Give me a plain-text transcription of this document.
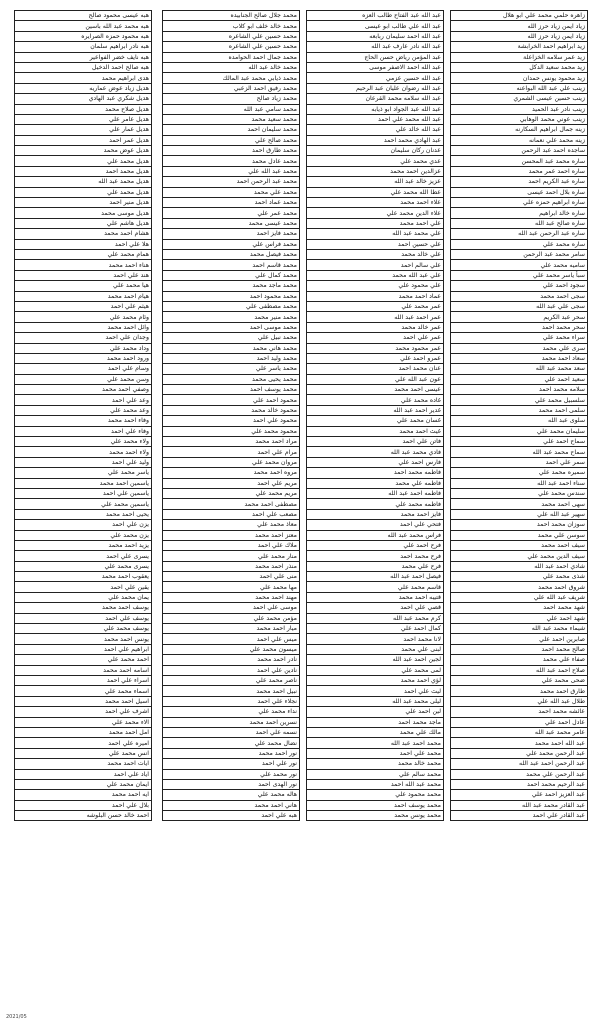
زاهره حلمي محمد علي ابو هلال
زياد ايمن زياد حرز الله
زياد ايمن زياد حرز الله
زيد ابراهيم احمد الخرابشة
زيد عمر سلامه الخزاعلة
زيد محمد سعيد الدكل
زيد محمود يونس حمدان
زينب علي عبد الله البواعنه
زينب حسين عيسى الشمري
زينب نادر عبد الحميد
زينب عوني محمد الوهابي
زينه جمال ابراهيم السكارنه
زينه محمد علي نعمانه
ساجده احمد عبد الرحمن
ساره محمد عبد المحسن
ساره احمد عمر محمد
ساره عبد الكريم احمد
ساره بلال احمد عيسى
ساره ابراهيم حمزه علي
ساره خالد ابراهيم
ساره صالح عبد الله
ساره عبد الرحمن عبد الله
ساره محمد علي
سامر محمد عبد الرحمن
ساميه محمد علي
سبأ ياسر محمد علي
سجود احمد علي
سجى احمد محمد
سجى علي عبد الله
سحر عبد الكريم
سحر محمد احمد
سراء محمد علي
سرى علي محمد
سعاد احمد محمد
سعد محمد عبد الله
سعيد احمد علي
سلامه محمد احمد
سلسبيل محمد علي
سلمى احمد محمد
سلوى عبد الله
سليمان محمد علي
سماح احمد علي
سماح محمد عبد الله
سمر علي احمد
سميره محمد علي
سناء احمد عبد الله
سندس محمد علي
سهى احمد محمد
سهير عبد الله علي
سوزان محمد احمد
سوسن علي محمد
سيف احمد محمد
سيف الدين محمد علي
شادي احمد عبد الله
شذى محمد علي
شروق احمد محمد
شريف عبد الله علي
شهد محمد احمد
شهد احمد علي
شيماء محمد عبد الله
صابرين احمد علي
صالح محمد احمد
صفاء علي محمد
صلاح احمد عبد الله
ضحى محمد علي
طارق احمد محمد
طلال عبد الله علي
عائشه محمد احمد
عادل احمد علي
عامر محمد عبد الله
عبد الله احمد محمد
عبد الرحمن محمد علي
عبد الرحمن احمد عبد الله
عبد الرحمن علي محمد
عبد الرحيم محمد احمد
عبد العزيز احمد علي
عبد القادر محمد عبد الله
عبد القادر علي احمد
عبد الله عبد الفتاح طالب العزه
عبد الله علي طالب ابو عيسى
عبد الله احمد سليمان ربابعه
عبد الله نادر عارف عبد الله
عبد المؤمن رياض حسن الحاج
عبد الله احمد الاصفر موسى
عبد الله حسين عزمي
عبد الله رضوان عليان عبد الرحيم
عبد الله سلامه محمد القرعان
عبد الله عبد الجواد ابو ذيابه
عبد الله محمد علي احمد
عبد الله خالد علي
عبد الهادي محمد احمد
عدنان ركان سليمان
عدي محمد علي
عزالدين احمد محمد
عزيز خالد عبد الله
عطا الله محمد علي
علاء احمد محمد
علاء الدين محمد علي
علي احمد محمد
علي محمد عبد الله
علي حسين احمد
علي خالد محمد
علي سالم احمد
علي عبد الله محمد
علي محمود علي
عماد احمد محمد
عمر محمد علي
عمر احمد عبد الله
عمر خالد محمد
عمر علي احمد
عمر محمود محمد
عمرو احمد علي
عنان محمد احمد
عون عبد الله علي
عيسى احمد محمد
غاده محمد علي
غدير احمد عبد الله
غسان محمد علي
غيث احمد محمد
فاتن علي احمد
فادي محمد عبد الله
فارس احمد علي
فاطمه محمد احمد
فاطمه علي محمد
فاطمه احمد عبد الله
فاطمه محمد علي
فايز احمد محمد
فتحي علي احمد
فراس محمد عبد الله
فرح احمد علي
فرح محمد احمد
فرح علي محمد
فيصل احمد عبد الله
قاسم محمد علي
قتيبه احمد محمد
قصي علي احمد
كرم محمد عبد الله
كمال احمد علي
لانا محمد احمد
لبنى علي محمد
لجين احمد عبد الله
لمى محمد علي
لؤي احمد محمد
ليث علي احمد
ليلى محمد عبد الله
لين احمد علي
ماجد محمد احمد
مالك علي محمد
محمد احمد عبد الله
محمد علي احمد
محمد خالد محمد
محمد سالم علي
محمد عبد الله احمد
محمد محمود علي
محمد يوسف احمد
محمد يونس محمد
محمد جلال صالح الجنابيده
محمد خالد خلف ابو كلاب
محمد حسين علي الشاعره
محمد حسين علي الشاعره
محمد جمال احمد الحوامده
محمد خالد عبد الله
محمد ذيابي محمد عبد المالك
محمد رفيق احمد الزعبي
محمد زياد صالح
محمد سامي عبد الله
محمد سعيد محمد
محمد سليمان احمد
محمد صالح علي
محمد طارق احمد
محمد عادل محمد
محمد عبد الله علي
محمد عبد الرحمن احمد
محمد علي محمد
محمد عماد احمد
محمد عمر علي
محمد عيسى محمد
محمد فايز احمد
محمد فراس علي
محمد فيصل محمد
محمد قاسم احمد
محمد كمال علي
محمد ماجد محمد
محمد محمود احمد
محمد مصطفى علي
محمد منير محمد
محمد موسى احمد
محمد نبيل علي
محمد هاني محمد
محمد وليد احمد
محمد ياسر علي
محمد يحيى محمد
محمد يوسف احمد
محمود احمد علي
محمود خالد محمد
محمود علي احمد
محمود محمد علي
مراد احمد محمد
مرام علي احمد
مروان محمد علي
مروه احمد محمد
مريم علي احمد
مريم محمد علي
مصطفى احمد محمد
مصعب علي احمد
معاذ محمد علي
معتز احمد محمد
ملاك علي احمد
منار محمد علي
منذر احمد محمد
منى علي احمد
مها محمد علي
مهند احمد محمد
موسى علي احمد
مؤمن محمد علي
ميار احمد محمد
ميس علي احمد
ميسون محمد علي
نادر احمد محمد
نادين علي احمد
ناصر محمد علي
نبيل احمد محمد
نجلاء علي احمد
نداء محمد علي
نسرين احمد محمد
نسمه علي احمد
نضال محمد علي
نور احمد محمد
نور علي احمد
نور محمد علي
نور الهدى احمد
هاله محمد علي
هاني احمد محمد
هبه علي احمد
هبه عيسى محمود صالح
هبه محمد عبد الله باسين
هبه محمود حمزه الصرايره
هبه نادر ابراهيم سلمان
هبه نايف خضر الفواعير
هبه صالح احمد الدخيل
هدى ابراهيم محمد
هديل زياد عوض عماريه
هديل شكري عبد الهادي
هديل صلاح محمد
هديل عامر علي
هديل عمار علي
هديل عمر احمد
هديل عوض محمد
هديل محمد علي
هديل محمد احمد
هديل محمد عبد الله
هديل محمد علي
هديل منير احمد
هديل موسى محمد
هديل هاشم علي
هشام احمد محمد
هلا علي احمد
همام محمد علي
هناء احمد محمد
هند علي احمد
هيا محمد علي
هيام احمد محمد
هيثم علي احمد
وئام محمد علي
وائل احمد محمد
وجدان علي احمد
وداد محمد علي
ورود احمد محمد
وسام علي احمد
وسن محمد علي
وصفي احمد محمد
وعد علي احمد
وعد محمد علي
وفاء احمد محمد
وفاء علي احمد
ولاء محمد علي
ولاء احمد محمد
وليد علي احمد
ياسر محمد علي
ياسمين احمد محمد
ياسمين علي احمد
ياسمين محمد علي
يحيى احمد محمد
يزن علي احمد
يزن محمد علي
يزيد احمد محمد
يسرى علي احمد
يسرى محمد علي
يعقوب احمد محمد
يقين علي احمد
يمان محمد علي
يوسف احمد محمد
يوسف علي احمد
يوسف محمد علي
يونس احمد محمد
ابراهيم علي احمد
احمد محمد علي
اسامه احمد محمد
اسراء علي احمد
اسماء محمد علي
اسيل احمد محمد
اشرف علي احمد
الاء محمد علي
امل احمد محمد
اميره علي احمد
انس محمد علي
ايات احمد محمد
اياد علي احمد
ايمان محمد علي
ايه احمد محمد
بلال علي احمد
احمد خالد حسن البلوشه
2021/05
